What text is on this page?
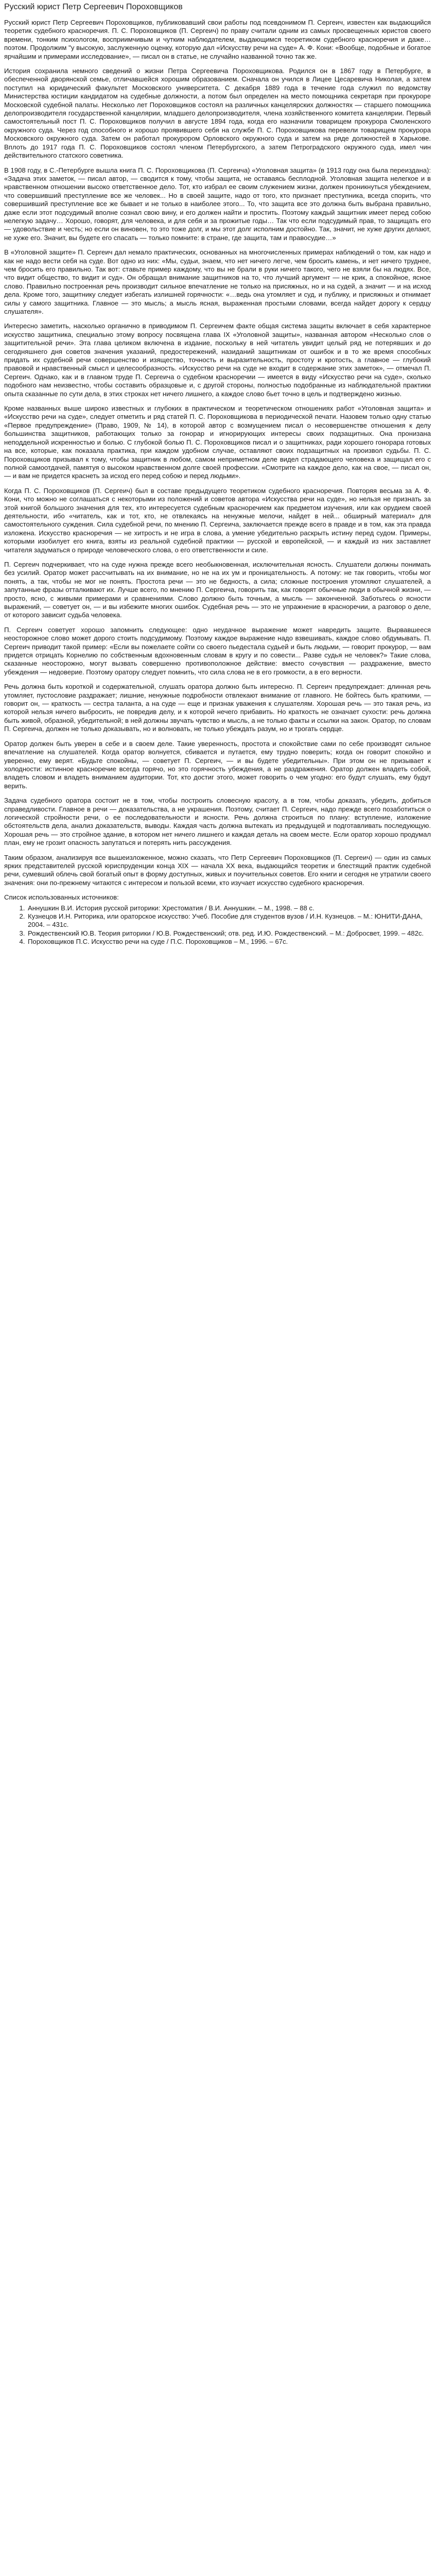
Русский юрист Петр Сергеевич Пороховщиков

Русский юрист Петр Сергеевич Пороховщиков, публиковавший свои работы под псевдонимом П. Сергеич, известен как выдающийся теоретик судебного красноречия. П. С. Пороховщиков (П. Сергеич) по праву считали одним из самых просвещенных юристов своего времени, тонким психологом, восприимчивым и чутким наблюдателем, выдающимся теоретиком судебного красноречия и даже… поэтом. Продолжим "у высокую, заслуженную оценку, которую дал «Искусству речи на суде» А. Ф. Кони: «Вообще, подобные и богатое ярчайшим и примерами исследование», — писал он в статье, не случайно названной точно так же.

История сохранила немного сведений о жизни Петра Сергеевича Пороховщикова. Родился он в 1867 году в Петербурге, в обеспеченной дворянской семье, отличавшейся хорошим образованием. Сначала он учился в Лицее Цесаревича Николая, а затем поступил на юридический факультет Московского университета. С декабря 1889 года в течение года служил по ведомству Министерства юстиции кандидатом на судебные должности, а потом был определен на место помощника секретаря при прокуроре Московской судебной палаты. Несколько лет Пороховщиков состоял на различных канцелярских должностях — старшего помощника делопроизводителя государственной канцелярии, младшего делопроизводителя, члена хозяйственного комитета канцелярии. Первый самостоятельный пост П. С. Пороховщиков получил в августе 1894 года, когда его назначили товарищем прокурора Смоленского окружного суда. Через год способного и хорошо проявившего себя на службе П. С. Пороховщикова перевели товарищем прокурора Московского окружного суда. Затем он работал прокурором Орловского окружного суда и затем на ряде должностей в Харькове. Вплоть до 1917 года П. С. Пороховщиков состоял членом Петербургского, а затем Петроградского окружного суда, имел чин действительного статского советника.

В 1908 году, в С.-Петербурге вышла книга П. С. Пороховщикова (П. Сергеича) «Уголовная защита» (в 1913 году она была переиздана): «Задача этих заметок, — писал автор, — сводится к тому, чтобы защита, не оставаясь бесплодной. Уголовная защита нелегкое и в нравственном отношении высоко ответственное дело. Тот, кто избрал ее своим служением жизни, должен проникнуться убеждением, что совершивший преступление все же человек... Но в своей защите, надо от того, кто признает преступника, всегда спорить, что совершивший преступление все же бывает и не только в наиболее этого... То, что защита все это должна быть выбрана правильно, даже если этот подсудимый вполне сознал свою вину, и его должен найти и простить. Поэтому каждый защитник имеет перед собою нелегкую задачу… Хорошо, говорят, для человека, и для себя и за прожитые годы… Так что если подсудимый прав, то защищать его — удовольствие и честь; но если он виновен, то это тоже долг, и мы этот долг исполним достойно. Так, значит, не хуже других делают, не хуже его. Значит, вы будете его спасать — только помните: в стране, где защита, там и правосудие…»

В «Уголовной защите» П. Сергеич дал немало практических, основанных на многочисленных примерах наблюдений о том, как надо и как не надо вести себя на суде. Вот одно из них: «Мы, судьи, знаем, что нет ничего легче, чем бросить камень, и нет ничего труднее, чем бросить его правильно. Так вот: ставьте пример каждому, что вы не брали в руки ничего такого, чего не взяли бы на людях. Все, что видит общество, то видит и суд». Он обращал внимание защитников на то, что лучший аргумент — не крик, а спокойное, ясное слово. Правильно построенная речь производит сильное впечатление не только на присяжных, но и на судей, а значит — и на исход дела. Кроме того, защитнику следует избегать излишней горячности: «…ведь она утомляет и суд, и публику, и присяжных и отнимает силы у самого защитника. Главное — это мысль; а мысль ясная, выраженная простыми словами, всегда найдет дорогу к сердцу слушателя».

Интересно заметить, насколько органично в приводимом П. Сергеичем факте общая система защиты включает в себя характерное искусство защитника, специально этому вопросу посвящена глава IX «Уголовной защиты», названная автором «Несколько слов о защитительной речи». Эта глава целиком включена в издание, поскольку в ней читатель увидит целый ряд не потерявших и до сегодняшнего дня советов значения указаний, предостережений, назиданий защитникам от ошибок и в то же время способных придать их судебной речи совершенство и изящество, точность и выразительность, простоту и кротость, а главное — глубокий правовой и нравственный смысл и целесообразность. «Искусство речи на суде не входит в содержание этих заметок», — отмечал П. Сергеич. Однако, как и в главном труде П. Сергеича о судебном красноречии — имеется в виду «Искусство речи на суде», сколько подобного нам неизвестно, чтобы составить образцовые и, с другой стороны, полностью подобранные из наблюдательной практики опыта сказанные по сути дела, в этих строках нет ничего лишнего, а каждое слово бьет точно в цель и подтверждено жизнью.

Кроме названных выше широко известных и глубоких в практическом и теоретическом отношениях работ «Уголовная защита» и «Искусство речи на суде», следует отметить и ряд статей П. С. Пороховщикова в периодической печати. Назовем только одну статью «Первое предупреждение» (Право, 1909, № 14), в которой автор с возмущением писал о несовершенстве отношения к делу большинства защитников, работающих только за гонорар и игнорирующих интересы своих подзащитных. Она пронизана неподдельной искренностью и болью. С глубокой болью П. С. Пороховщиков писал и о защитниках, ради хорошего гонорара готовых на все, которые, как показала практика, при каждом удобном случае, оставляют своих подзащитных на произвол судьбы. П. С. Пороховщиков призывал к тому, чтобы защитник в любом, самом неприметном деле видел страдающего человека и защищал его с полной самоотдачей, памятуя о высоком нравственном долге своей профессии. «Смотрите на каждое дело, как на свое, — писал он, — и вам не придется краснеть за исход его перед собою и перед людьми».

Когда П. С. Пороховщиков (П. Сергеич) был в составе предыдущего теоретиком судебного красноречия. Повторяя весьма за А. Ф. Кони, что можно не соглашаться с некоторыми из положений и советов автора «Искусства речи на суде», но нельзя не признать за этой книгой большого значения для тех, кто интересуется судебным красноречием как предметом изучения, или как орудием своей деятельности, ибо «читатель, как и тот, кто, не отвлекаясь на ненужные мелочи, найдет в ней... обширный материал» для самостоятельного суждения. Сила судебной речи, по мнению П. Сергеича, заключается прежде всего в правде и в том, как эта правда изложена. Искусство красноречия — не хитрость и не игра в слова, а умение убедительно раскрыть истину перед судом. Примеры, которыми изобилует его книга, взяты из реальной судебной практики — русской и европейской, — и каждый из них заставляет читателя задуматься о природе человеческого слова, о его ответственности и силе.

П. Сергеич подчеркивает, что на суде нужна прежде всего необыкновенная, исключительная ясность. Слушатели должны понимать без усилий. Оратор может рассчитывать на их внимание, но не на их ум и проницательность. А потому: не так говорить, чтобы мог понять, а так, чтобы не мог не понять. Простота речи — это не бедность, а сила; сложные построения утомляют слушателей, а запутанные фразы отталкивают их. Лучше всего, по мнению П. Сергеича, говорить так, как говорят обычные люди в обычной жизни, — просто, ясно, с живыми примерами и сравнениями. Слово должно быть точным, а мысль — законченной. Заботьтесь о ясности выражений, — советует он, — и вы избежите многих ошибок. Судебная речь — это не упражнение в красноречии, а разговор о деле, от которого зависит судьба человека.

П. Сергеич советует хорошо запомнить следующее: одно неудачное выражение может навредить защите. Вырвавшееся неосторожное слово может дорого стоить подсудимому. Поэтому каждое выражение надо взвешивать, каждое слово обдумывать. П. Сергеич приводит такой пример: «Если вы пожелаете сойти со своего пьедестала судьей и быть людьми, — говорит прокурор, — вам придется отрицать Корнелию по собственным вдохновенным словам в кругу и по совести... Разве судья не человек?» Такие слова, сказанные неосторожно, могут вызвать совершенно противоположное действие: вместо сочувствия — раздражение, вместо убеждения — недоверие. Поэтому оратору следует помнить, что сила слова не в его громкости, а в его верности.

Речь должна быть короткой и содержательной, слушать оратора должно быть интересно. П. Сергеич предупреждает: длинная речь утомляет, пустословие раздражает; лишние, ненужные подробности отвлекают внимание от главного. Не бойтесь быть краткими, — говорит он, — краткость — сестра таланта, а на суде — еще и признак уважения к слушателям. Хорошая речь — это такая речь, из которой нельзя ничего выбросить, не повредив делу, и к которой нечего прибавить. Но краткость не означает сухости: речь должна быть живой, образной, убедительной; в ней должны звучать чувство и мысль, а не только факты и ссылки на закон. Оратор, по словам П. Сергеича, должен не только доказывать, но и волновать, не только убеждать разум, но и трогать сердце.

Оратор должен быть уверен в себе и в своем деле. Такие уверенность, простота и спокойствие сами по себе производят сильное впечатление на слушателей. Когда оратор волнуется, сбивается и путается, ему трудно поверить; когда он говорит спокойно и уверенно, ему верят. «Будьте спокойны, — советует П. Сергеич, — и вы будете убедительны». При этом он не призывает к холодности: истинное красноречие всегда горячо, но это горячность убеждения, а не раздражения. Оратор должен владеть собой, владеть словом и владеть вниманием аудитории. Тот, кто достиг этого, может говорить о чем угодно: его будут слушать, ему будут верить.

Задача судебного оратора состоит не в том, чтобы построить словесную красоту, а в том, чтобы доказать, убедить, добиться справедливости. Главное в речи — доказательства, а не украшения. Поэтому, считает П. Сергеич, надо прежде всего позаботиться о логической стройности речи, о ее последовательности и ясности. Речь должна строиться по плану: вступление, изложение обстоятельств дела, анализ доказательств, выводы. Каждая часть должна вытекать из предыдущей и подготавливать последующую. Хорошая речь — это стройное здание, в котором нет ничего лишнего и каждая деталь на своем месте. Если оратор хорошо продумал план, ему не грозит опасность запутаться и потерять нить рассуждения.

Таким образом, анализируя все вышеизложенное, можно сказать, что Петр Сергеевич Пороховщиков (П. Сергеич) — один из самых ярких представителей русской юриспруденции конца XIX — начала XX века, выдающийся теоретик и блестящий практик судебной речи, сумевший облечь свой богатый опыт в форму доступных, живых и поучительных советов. Его книги и сегодня не утратили своего значения: они по-прежнему читаются с интересом и пользой всеми, кто изучает искусство судебного красноречия.

Список использованных источников:
1. Аннушкин В.И. История русской риторики: Хрестоматия / В.И. Аннушкин. – М., 1998. – 88 с.
2. Кузнецов И.Н. Риторика, или ораторское искусство: Учеб. Пособие для студентов вузов / И.Н. Кузнецов. – М.: ЮНИТИ-ДАНА, 2004. – 431с.
3. Рождественский Ю.В. Теория риторики / Ю.В. Рождественский; отв. ред. И.Ю. Рождественский. – М.: Добросвет, 1999. – 482с.
4. Пороховщиков П.С. Искусство речи на суде / П.С. Пороховщиков – М., 1996. – 67с.
